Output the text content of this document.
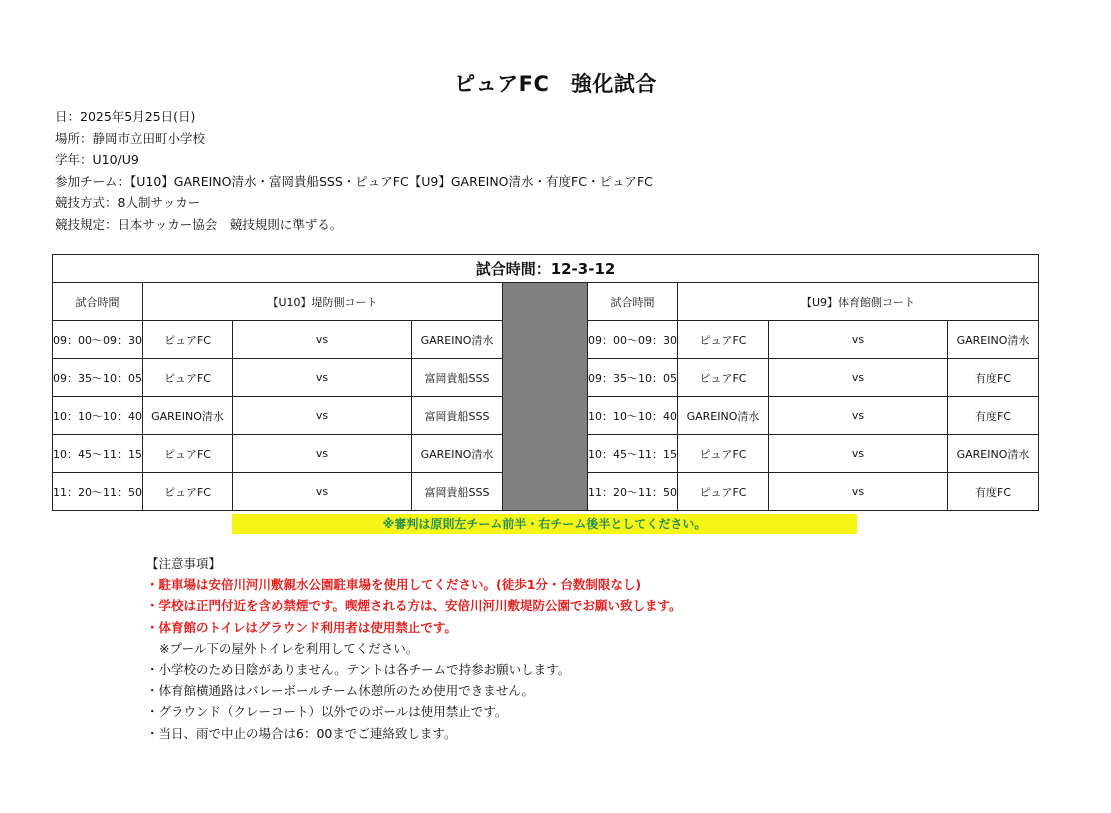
ピュアFC　強化試合
日：2025年5月25日(日)
場所：静岡市立田町小学校
学年：U10/U9
参加チーム：【U10】GAREINO清水・富岡貴船SSS・ピュアFC【U9】GAREINO清水・有度FC・ピュアFC
競技方式：8人制サッカー
競技規定：日本サッカー協会　競技規則に準ずる。
試合時間：12-3-12								
試合時間	【U10】堤防側コート				試合時間	【U9】体育館側コート		
09：00～09：30	ピュアFC	vs	GAREINO清水		09：00～09：30	ピュアFC	vs	GAREINO清水
09：35～10：05	ピュアFC	vs	富岡貴船SSS		09：35～10：05	ピュアFC	vs	有度FC
10：10～10：40	GAREINO清水	vs	富岡貴船SSS		10：10～10：40	GAREINO清水	vs	有度FC
10：45～11：15	ピュアFC	vs	GAREINO清水		10：45～11：15	ピュアFC	vs	GAREINO清水
11：20～11：50	ピュアFC	vs	富岡貴船SSS		11：20～11：50	ピュアFC	vs	有度FC
※審判は原則左チーム前半・右チーム後半としてください。
【注意事項】
・駐車場は安倍川河川敷親水公園駐車場を使用してください。(徒歩1分・台数制限なし)
・学校は正門付近を含め禁煙です。喫煙される方は、安倍川河川敷堤防公園でお願い致します。
・体育館のトイレはグラウンド利用者は使用禁止です。
※プール下の屋外トイレを利用してください。
・小学校のため日陰がありません。テントは各チームで持参お願いします。
・体育館横通路はバレーボールチーム休憩所のため使用できません。
・グラウンド（クレーコート）以外でのボールは使用禁止です。
・当日、雨で中止の場合は6：00までご連絡致します。
